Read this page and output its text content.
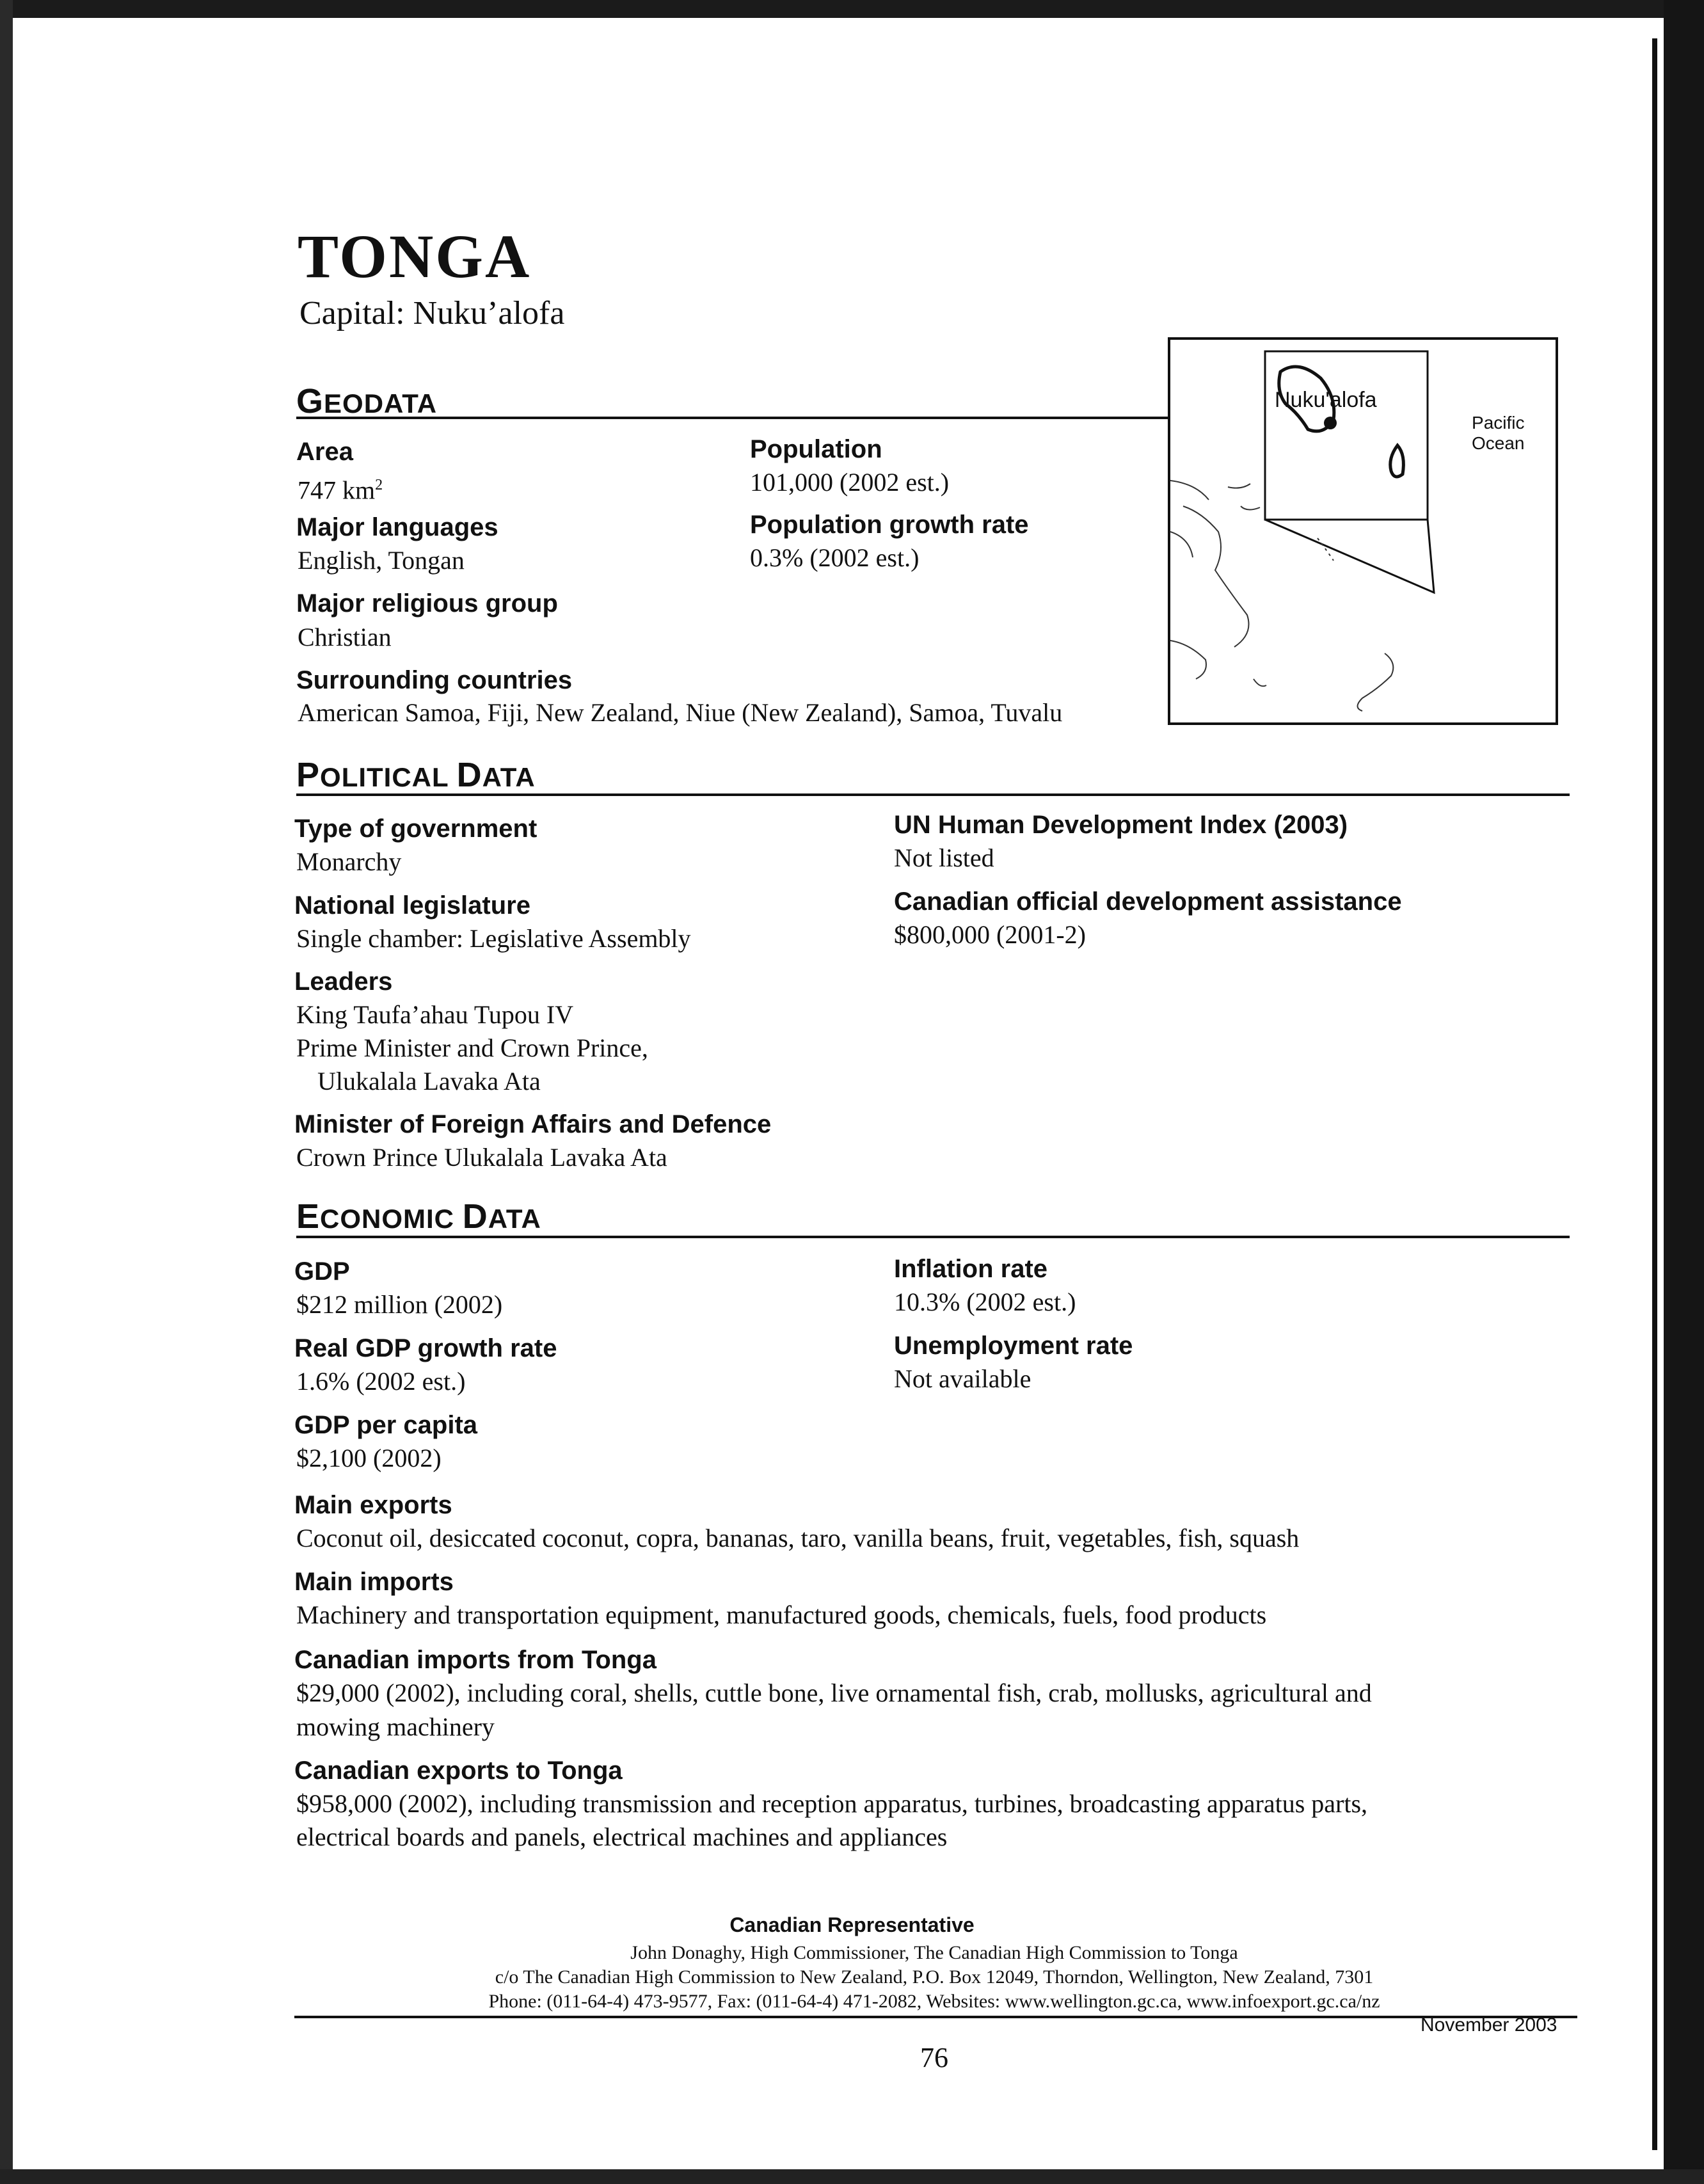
TONGA
Capital: Nuku’alofa
GEODATA
Area
747 $km^2$
Population
101,000 (2002 est.)
Major languages
English, Tongan
Population growth rate
0.3% (2002 est.)
Major religious group
Christian
Surrounding countries
American Samoa, Fiji, New Zealand, Niue (New Zealand), Samoa, Tuvalu
Nuku'alofa
Pacific
Ocean
POLITICAL DATA
Type of government
Monarchy
National legislature
Single chamber: Legislative Assembly
Leaders
King Taufa’ahau Tupou IV
Prime Minister and Crown Prince,
Ulukalala Lavaka Ata
Minister of Foreign Affairs and Defence
Crown Prince Ulukalala Lavaka Ata
UN Human Development Index (2003)
Not listed
Canadian official development assistance
$800,000 (2001-2)
ECONOMIC DATA
GDP
$212 million (2002)
Real GDP growth rate
1.6% (2002 est.)
GDP per capita
$2,100 (2002)
Inflation rate
10.3% (2002 est.)
Unemployment rate
Not available
Main exports
Coconut oil, desiccated coconut, copra, bananas, taro, vanilla beans, fruit, vegetables, fish, squash
Main imports
Machinery and transportation equipment, manufactured goods, chemicals, fuels, food products
Canadian imports from Tonga
$29,000 (2002), including coral, shells, cuttle bone, live ornamental fish, crab, mollusks, agricultural and
mowing machinery
Canadian exports to Tonga
$958,000 (2002), including transmission and reception apparatus, turbines, broadcasting apparatus parts,
electrical boards and panels, electrical machines and appliances
Canadian Representative
John Donaghy, High Commissioner, The Canadian High Commission to Tonga
c/o The Canadian High Commission to New Zealand, P.O. Box 12049, Thorndon, Wellington, New Zealand, 7301
Phone: (011-64-4) 473-9577, Fax: (011-64-4) 471-2082, Websites: www.wellington.gc.ca, www.infoexport.gc.ca/nz
November 2003
76
